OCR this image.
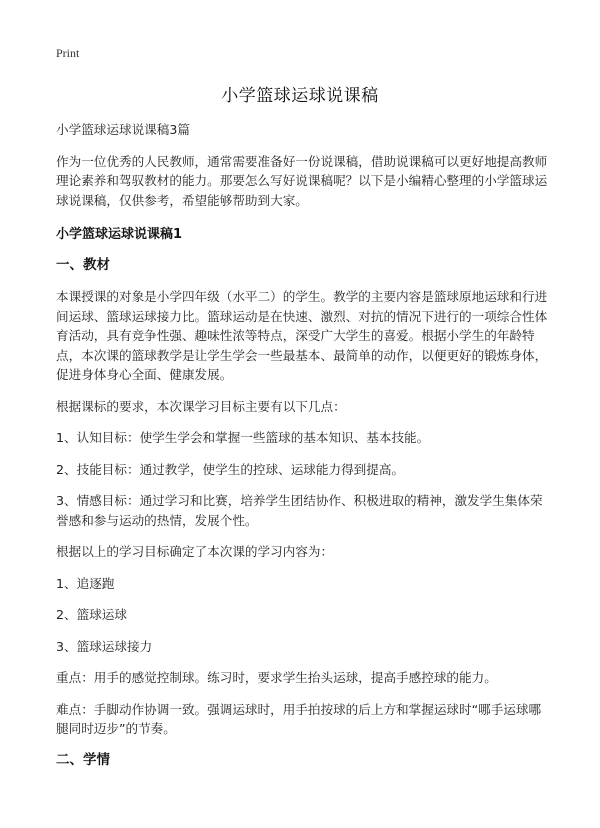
Print
小学篮球运球说课稿

小学篮球运球说课稿3篇

作为一位优秀的人民教师，通常需要准备好一份说课稿，借助说课稿可以更好地提高教师理论素养和驾驭教材的能力。那要怎么写好说课稿呢？以下是小编精心整理的小学篮球运球说课稿，仅供参考，希望能够帮助到大家。

小学篮球运球说课稿1

一、教材

本课授课的对象是小学四年级（水平二）的学生。教学的主要内容是篮球原地运球和行进间运球、篮球运球接力比。篮球运动是在快速、激烈、对抗的情况下进行的一项综合性体育活动，具有竞争性强、趣味性浓等特点，深受广大学生的喜爱。根据小学生的年龄特点，本次课的篮球教学是让学生学会一些最基本、最简单的动作，以便更好的锻炼身体，促进身体身心全面、健康发展。

根据课标的要求，本次课学习目标主要有以下几点：

1、认知目标：使学生学会和掌握一些篮球的基本知识、基本技能。

2、技能目标：通过教学，使学生的控球、运球能力得到提高。

3、情感目标：通过学习和比赛，培养学生团结协作、积极进取的精神，激发学生集体荣誉感和参与运动的热情，发展个性。

根据以上的学习目标确定了本次课的学习内容为：

1、追逐跑

2、篮球运球

3、篮球运球接力

重点：用手的感觉控制球。练习时，要求学生抬头运球，提高手感控球的能力。

难点：手脚动作协调一致。强调运球时，用手拍按球的后上方和掌握运球时“哪手运球哪腿同时迈步”的节奏。

二、学情
